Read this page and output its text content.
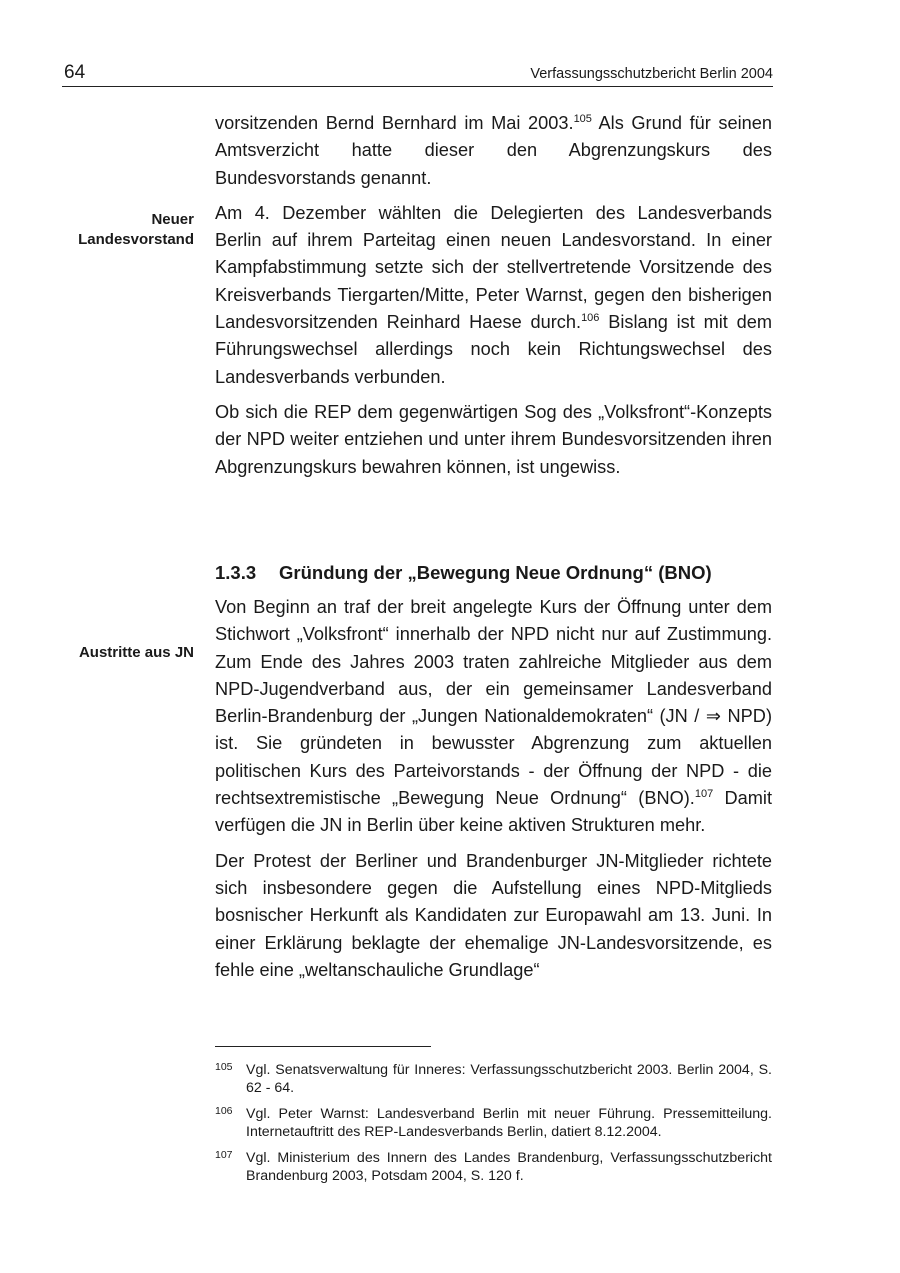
64	Verfassungsschutzbericht Berlin 2004
Neuer Landesvorstand
Austritte aus JN

vorsitzenden Bernd Bernhard im Mai 2003.$^{105}$ Als Grund für seinen Amtsverzicht hatte dieser den Abgrenzungskurs des Bundesvorstands genannt.

Am 4. Dezember wählten die Delegierten des Landesverbands Berlin auf ihrem Parteitag einen neuen Landesvorstand. In einer Kampfabstimmung setzte sich der stellvertretende Vorsitzende des Kreisverbands Tiergarten/Mitte, Peter Warnst, gegen den bisherigen Landesvorsitzenden Reinhard Haese durch.$^{106}$ Bislang ist mit dem Führungswechsel allerdings noch kein Richtungswechsel des Landesverbands verbunden.

Ob sich die REP dem gegenwärtigen Sog des „Volksfront“-Konzepts der NPD weiter entziehen und unter ihrem Bundesvorsitzenden ihren Abgrenzungskurs bewahren können, ist ungewiss.

1.3.3 Gründung der „Bewegung Neue Ordnung“ (BNO)

Von Beginn an traf der breit angelegte Kurs der Öffnung unter dem Stichwort „Volksfront“ innerhalb der NPD nicht nur auf Zustimmung. Zum Ende des Jahres 2003 traten zahlreiche Mitglieder aus dem NPD-Jugendverband aus, der ein gemeinsamer Landesverband Berlin-Brandenburg der „Jungen Nationaldemokraten“ (JN / ⇒ NPD) ist. Sie gründeten in bewusster Abgrenzung zum aktuellen politischen Kurs des Parteivorstands - der Öffnung der NPD - die rechtsextremistische „Bewegung Neue Ordnung“ (BNO).$^{107}$ Damit verfügen die JN in Berlin über keine aktiven Strukturen mehr.

Der Protest der Berliner und Brandenburger JN-Mitglieder richtete sich insbesondere gegen die Aufstellung eines NPD-Mitglieds bosnischer Herkunft als Kandidaten zur Europawahl am 13. Juni. In einer Erklärung beklagte der ehemalige JN-Landesvorsitzende, es fehle eine „weltanschauliche Grundlage“

105 Vgl. Senatsverwaltung für Inneres: Verfassungsschutzbericht 2003. Berlin 2004, S. 62 - 64.
106 Vgl. Peter Warnst: Landesverband Berlin mit neuer Führung. Pressemitteilung. Internetauftritt des REP-Landesverbands Berlin, datiert 8.12.2004.
107 Vgl. Ministerium des Innern des Landes Brandenburg, Verfassungsschutzbericht Brandenburg 2003, Potsdam 2004, S. 120 f.
